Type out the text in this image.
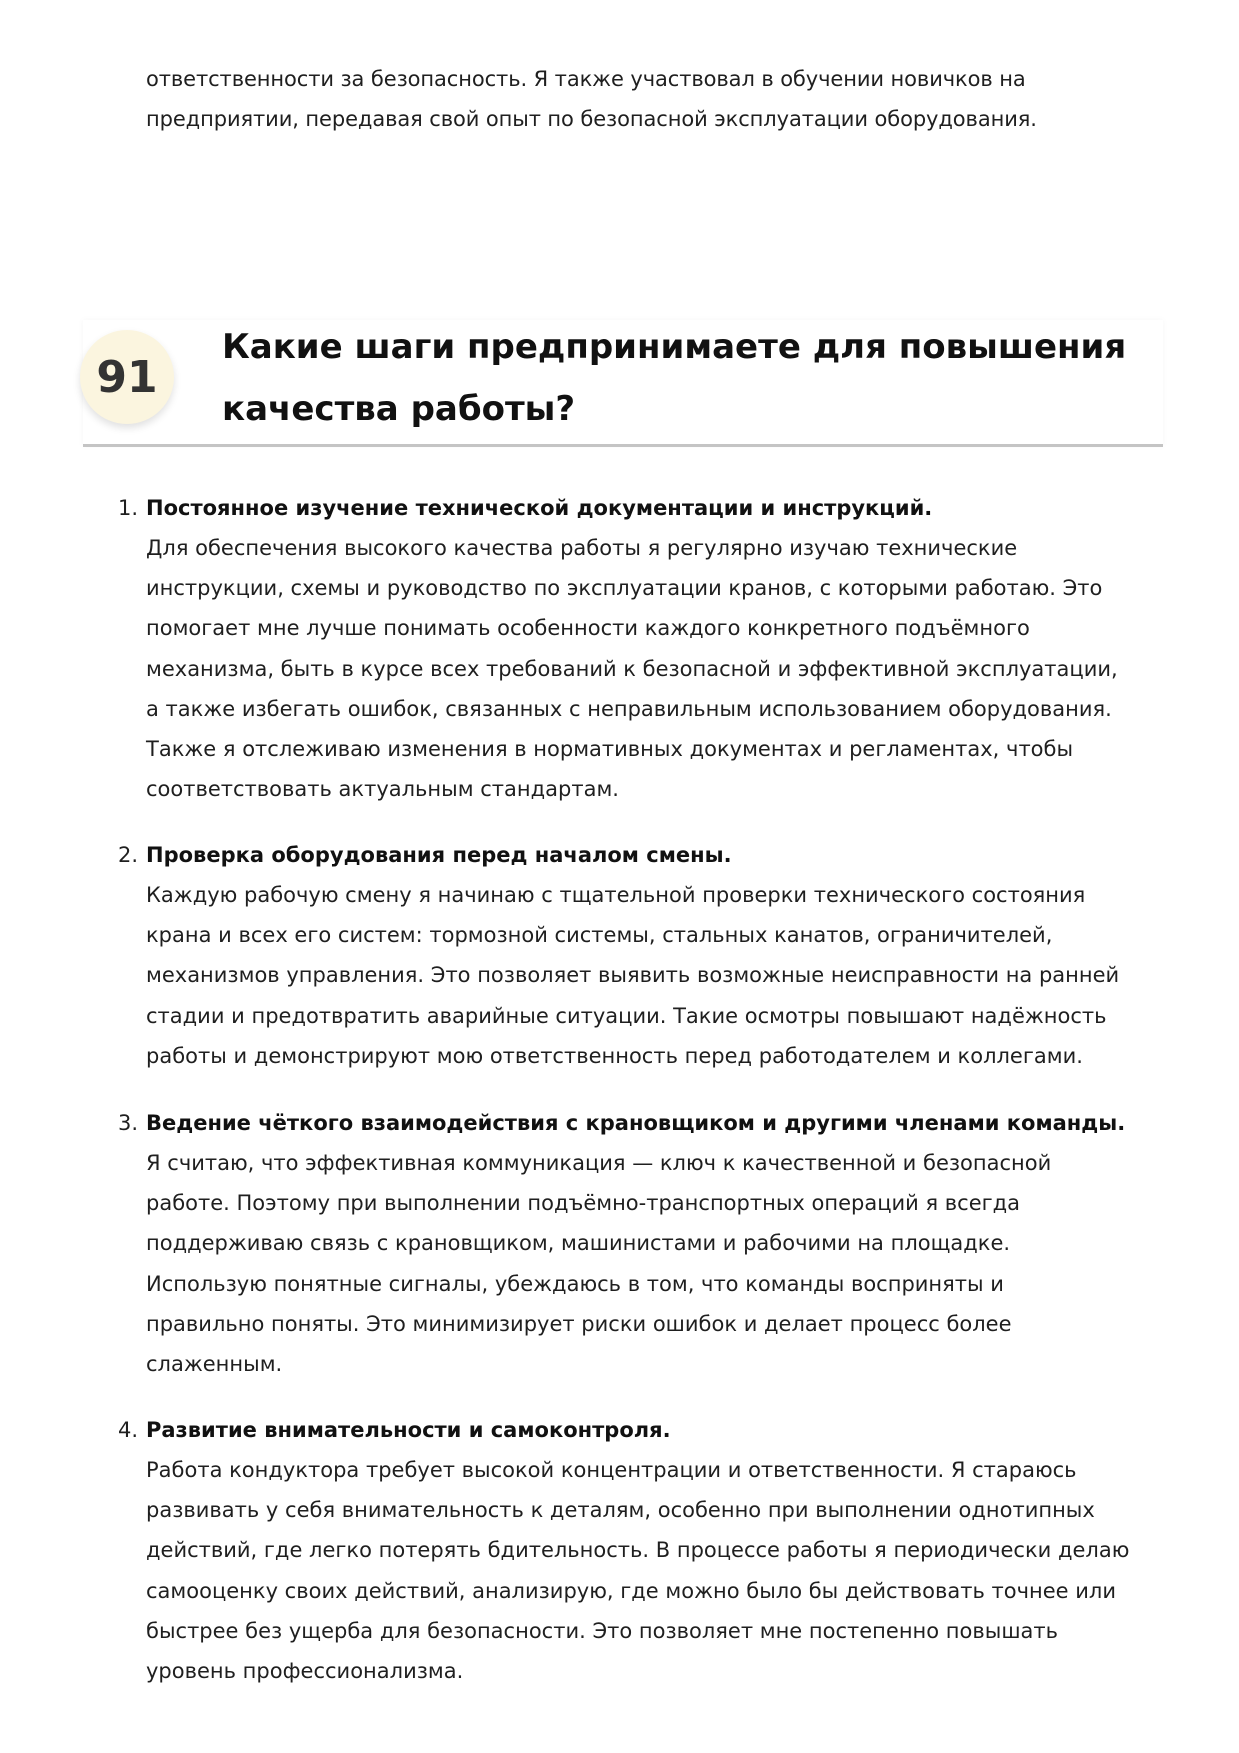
ответственности за безопасность. Я также участвовал в обучении новичков на
предприятии, передавая свой опыт по безопасной эксплуатации оборудования.
91
Какие шаги предпринимаете для повышения
качества работы?
1. Постоянное изучение технической документации и инструкций.
Для обеспечения высокого качества работы я регулярно изучаю технические
инструкции, схемы и руководство по эксплуатации кранов, с которыми работаю. Это
помогает мне лучше понимать особенности каждого конкретного подъёмного
механизма, быть в курсе всех требований к безопасной и эффективной эксплуатации,
а также избегать ошибок, связанных с неправильным использованием оборудования.
Также я отслеживаю изменения в нормативных документах и регламентах, чтобы
соответствовать актуальным стандартам.
2. Проверка оборудования перед началом смены.
Каждую рабочую смену я начинаю с тщательной проверки технического состояния
крана и всех его систем: тормозной системы, стальных канатов, ограничителей,
механизмов управления. Это позволяет выявить возможные неисправности на ранней
стадии и предотвратить аварийные ситуации. Такие осмотры повышают надёжность
работы и демонстрируют мою ответственность перед работодателем и коллегами.
3. Ведение чёткого взаимодействия с крановщиком и другими членами команды.
Я считаю, что эффективная коммуникация — ключ к качественной и безопасной
работе. Поэтому при выполнении подъёмно-транспортных операций я всегда
поддерживаю связь с крановщиком, машинистами и рабочими на площадке.
Использую понятные сигналы, убеждаюсь в том, что команды восприняты и
правильно поняты. Это минимизирует риски ошибок и делает процесс более
слаженным.
4. Развитие внимательности и самоконтроля.
Работа кондуктора требует высокой концентрации и ответственности. Я стараюсь
развивать у себя внимательность к деталям, особенно при выполнении однотипных
действий, где легко потерять бдительность. В процессе работы я периодически делаю
самооценку своих действий, анализирую, где можно было бы действовать точнее или
быстрее без ущерба для безопасности. Это позволяет мне постепенно повышать
уровень профессионализма.
